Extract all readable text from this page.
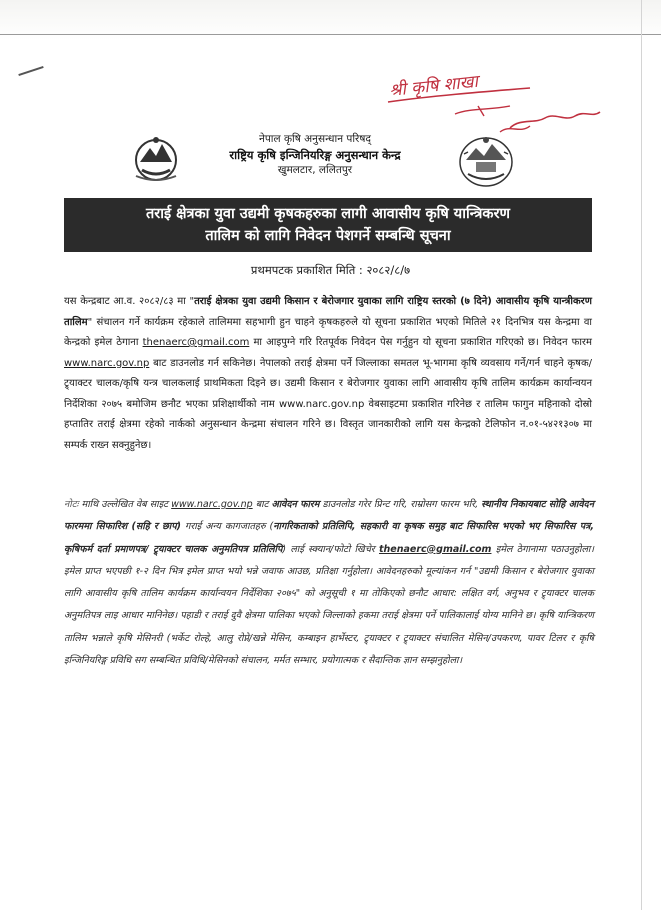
श्री कृषि शाखा

नेपाल कृषि अनुसन्धान परिषद्

राष्ट्रिय कृषि इन्जिनियरिङ्ग अनुसन्धान केन्द्र

खुमलटार, ललितपुर

तराई क्षेत्रका युवा उद्यमी कृषकहरुका लागी आवासीय कृषि यान्त्रिकरण
तालिम को लागि निवेदन पेशगर्ने सम्बन्धि सूचना
प्रथमपटक प्रकाशित मिति : २०८२/८/७
यस केन्द्रबाट आ.व. २०८२/८३ मा "तराई क्षेत्रका युवा उद्यमी किसान र बेरोजगार युवाका लागि राष्ट्रिय स्तरको (७ दिने) आवासीय कृषि यान्त्रीकरण तालिम" संचालन गर्ने कार्यक्रम रहेकाले तालिममा सहभागी हुन चाहने कृषकहरुले यो सूचना प्रकाशित भएको मितिले २१ दिनभित्र यस केन्द्रमा वा केन्द्रको इमेल ठेगाना thenaerc@gmail.com मा आइपुग्ने गरि रितपूर्वक निवेदन पेस गर्नुहुन यो सूचना प्रकाशित गरिएको छ। निवेदन फारम www.narc.gov.np बाट डाउनलोड गर्न सकिनेछ। नेपालको तराई क्षेत्रमा पर्ने जिल्लाका समतल भू-भागमा कृषि व्यवसाय गर्ने/गर्न चाहने कृषक/ट्र्याक्टर चालक/कृषि यन्त्र चालकलाई प्राथमिकता दिइने छ। उद्यमी किसान र बेरोजगार युवाका लागि आवासीय कृषि तालिम कार्यक्रम कार्यान्वयन निर्देशिका २०७५ बमोजिम छनौट भएका प्रशिक्षार्थीको नाम www.narc.gov.np वेबसाइटमा प्रकाशित गरिनेछ र तालिम फागुन महिनाको दोस्रो हप्तातिर तराई क्षेत्रमा रहेको नार्कको अनुसन्धान केन्द्रमा संचालन गरिने छ। विस्तृत जानकारीको लागि यस केन्द्रको टेलिफोन न.०१-५४२१३०७ मा सम्पर्क राख्न सक्नुहुनेछ।
नोटः माथि उल्लेखित वेब साइट www.narc.gov.np बाट आवेदन फारम डाउनलोड गरेर प्रिन्ट गरि, राम्रोसग फारम भरि, स्थानीय निकायबाट सोहि आवेदन फारममा सिफारिश (सहि र छाप) गराई अन्य कागजातहरु (नागरिकताको प्रतिलिपि, सहकारी वा कृषक समुह बाट सिफारिस भएको भए सिफारिस पत्र, कृषिफर्म दर्ता प्रमाणपत्र/ ट्र्याक्टर चालक अनुमतिपत्र प्रतिलिपि) लाई स्क्यान/फोटो खिचेर thenaerc@gmail.com इमेल ठेगानामा पठाउनुहोला। इमेल प्राप्त भएपछी १-२ दिन भित्र इमेल प्राप्त भयो भन्ने जवाफ आउछ, प्रतिक्षा गर्नुहोला। आवेदनहरुको मूल्यांकन गर्न "उद्यमी किसान र बेरोजगार युवाका लागि आवासीय कृषि तालिम कार्यक्रम कार्यान्वयन निर्देशिका २०७५" को अनुसूची १ मा तोकिएको छनौट आधार: लक्षित वर्ग, अनुभव र ट्र्याक्टर चालक अनुमतिपत्र लाइ आधार मानिनेछ। पहाडी र तराई दुवै क्षेत्रमा पालिका भएको जिल्लाको हकमा तराई क्षेत्रमा पर्ने पालिकालाई योग्य मानिने छ। कृषि यान्त्रिकरण तालिम भन्नाले कृषि मेसिनरी (भर्केट रोल्हे, आलु रोप्ने/खन्ने मेसिन, कम्बाइन हार्भेस्टर, ट्र्याक्टर र ट्र्याक्टर संचालित मेसिन/उपकरण, पावर टिलर र कृषि इन्जिनियरिङ्ग प्रविधि सग सम्बन्धित प्रविधि/मेसिनको संचालन, मर्मत सम्भार, प्रयोगात्मक र सैदान्तिक ज्ञान सम्झनुहोला।
